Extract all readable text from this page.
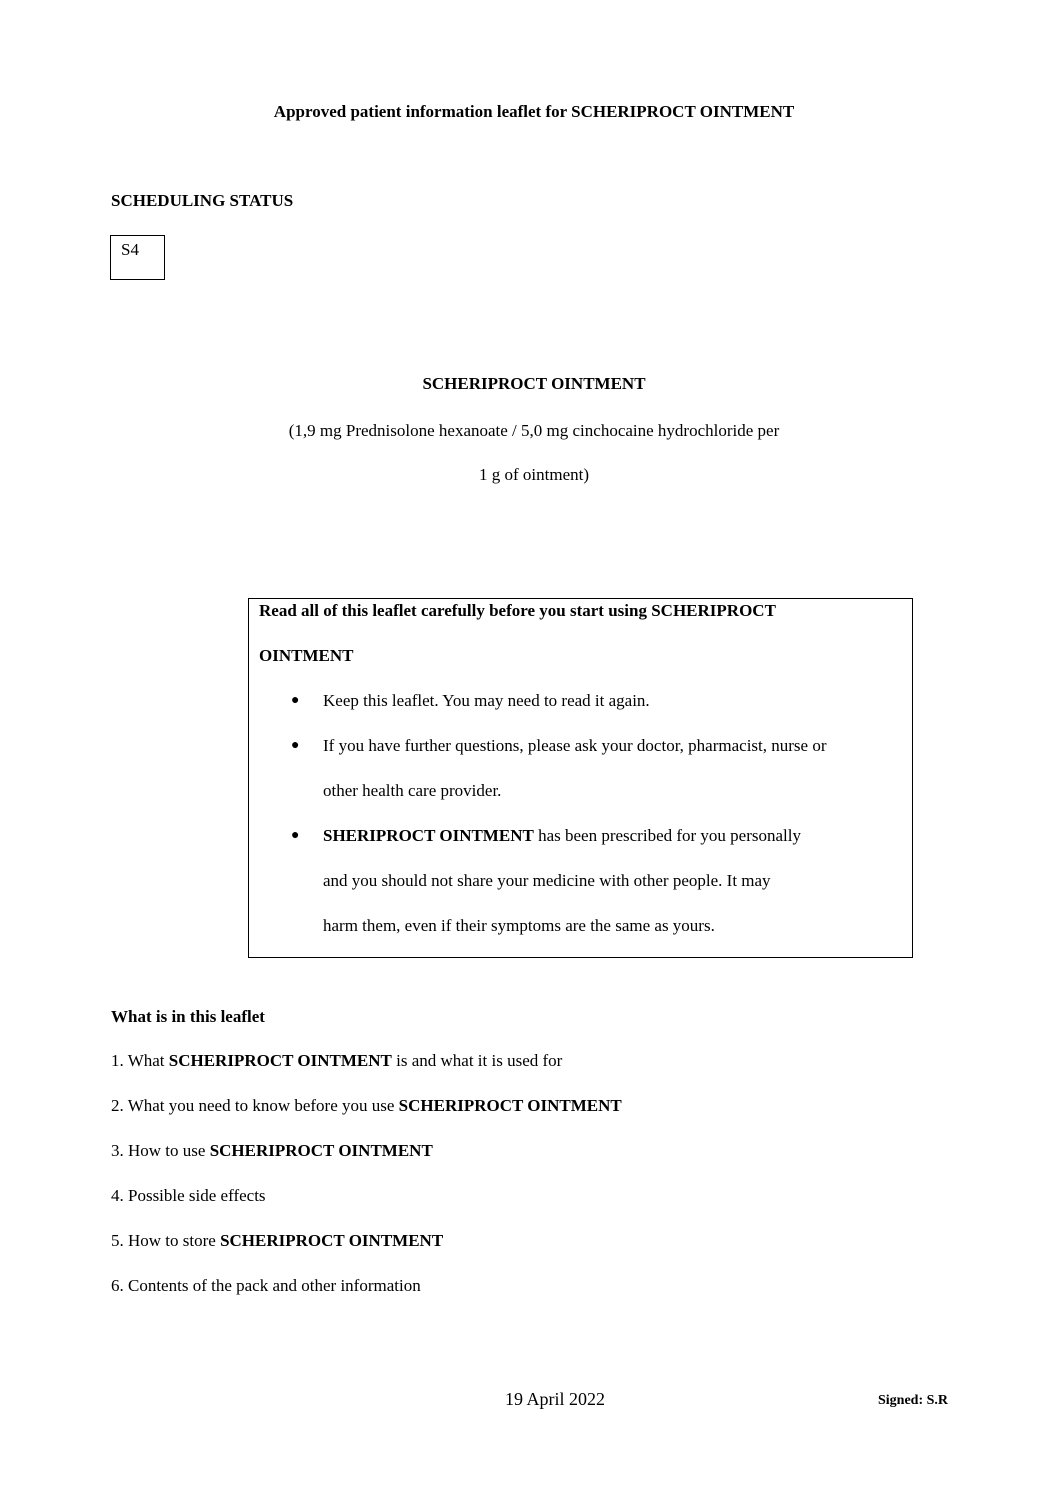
Approved patient information leaflet for SCHERIPROCT OINTMENT
SCHEDULING STATUS
S4
SCHERIPROCT OINTMENT
(1,9 mg Prednisolone hexanoate / 5,0 mg cinchocaine hydrochloride per
1 g of ointment)
Read all of this leaflet carefully before you start using SCHERIPROCT
OINTMENT
● Keep this leaflet. You may need to read it again.
● If you have further questions, please ask your doctor, pharmacist, nurse or
other health care provider.
● SHERIPROCT OINTMENT has been prescribed for you personally
and you should not share your medicine with other people. It may
harm them, even if their symptoms are the same as yours.
What is in this leaflet
1. What SCHERIPROCT OINTMENT is and what it is used for
2. What you need to know before you use SCHERIPROCT OINTMENT
3. How to use SCHERIPROCT OINTMENT
4. Possible side effects
5. How to store SCHERIPROCT OINTMENT
6. Contents of the pack and other information
19 April 2022	Signed: S.R
